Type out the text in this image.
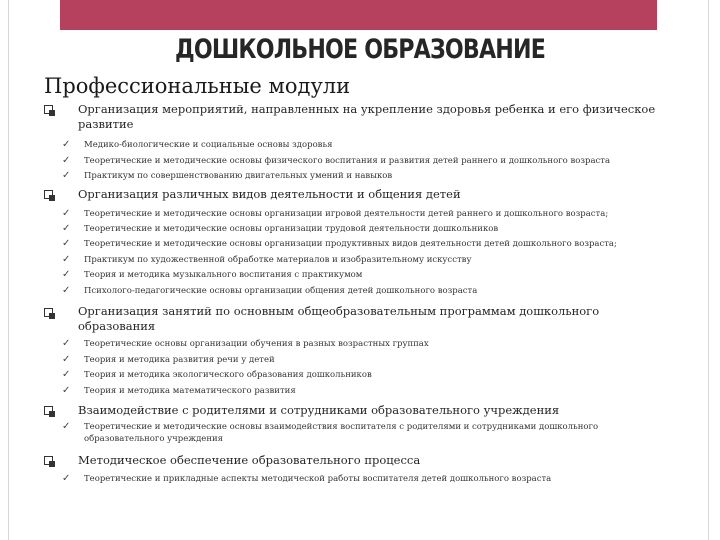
ДОШКОЛЬНОЕ ОБРАЗОВАНИЕ
Профессиональные модули
Организация мероприятий, направленных на укрепление здоровья ребенка и его физическое развитие
✓ Медико-биологические и социальные основы здоровья
✓ Теоретические и методические основы физического воспитания и развития детей раннего и дошкольного возраста
✓ Практикум по совершенствованию двигательных умений и навыков
Организация различных видов деятельности и общения детей
✓ Теоретические и методические основы организации игровой деятельности детей раннего и дошкольного возраста;
✓ Теоретические и методические основы организации трудовой деятельности дошкольников
✓ Теоретические и методические основы организации продуктивных видов деятельности детей дошкольного возраста;
✓ Практикум по художественной обработке материалов и изобразительному искусству
✓ Теория и методика музыкального воспитания с практикумом
✓ Психолого-педагогические основы организации общения детей дошкольного возраста
Организация занятий по основным общеобразовательным программам дошкольного образования
✓ Теоретические основы организации обучения в разных возрастных группах
✓ Теория и методика развития речи у детей
✓ Теория и методика экологического образования дошкольников
✓ Теория и методика математического развития
Взаимодействие с родителями и сотрудниками образовательного учреждения
✓ Теоретические и методические основы взаимодействия воспитателя с родителями и сотрудниками дошкольного образовательного учреждения
Методическое обеспечение образовательного процесса
✓ Теоретические и прикладные аспекты методической работы воспитателя детей дошкольного возраста
